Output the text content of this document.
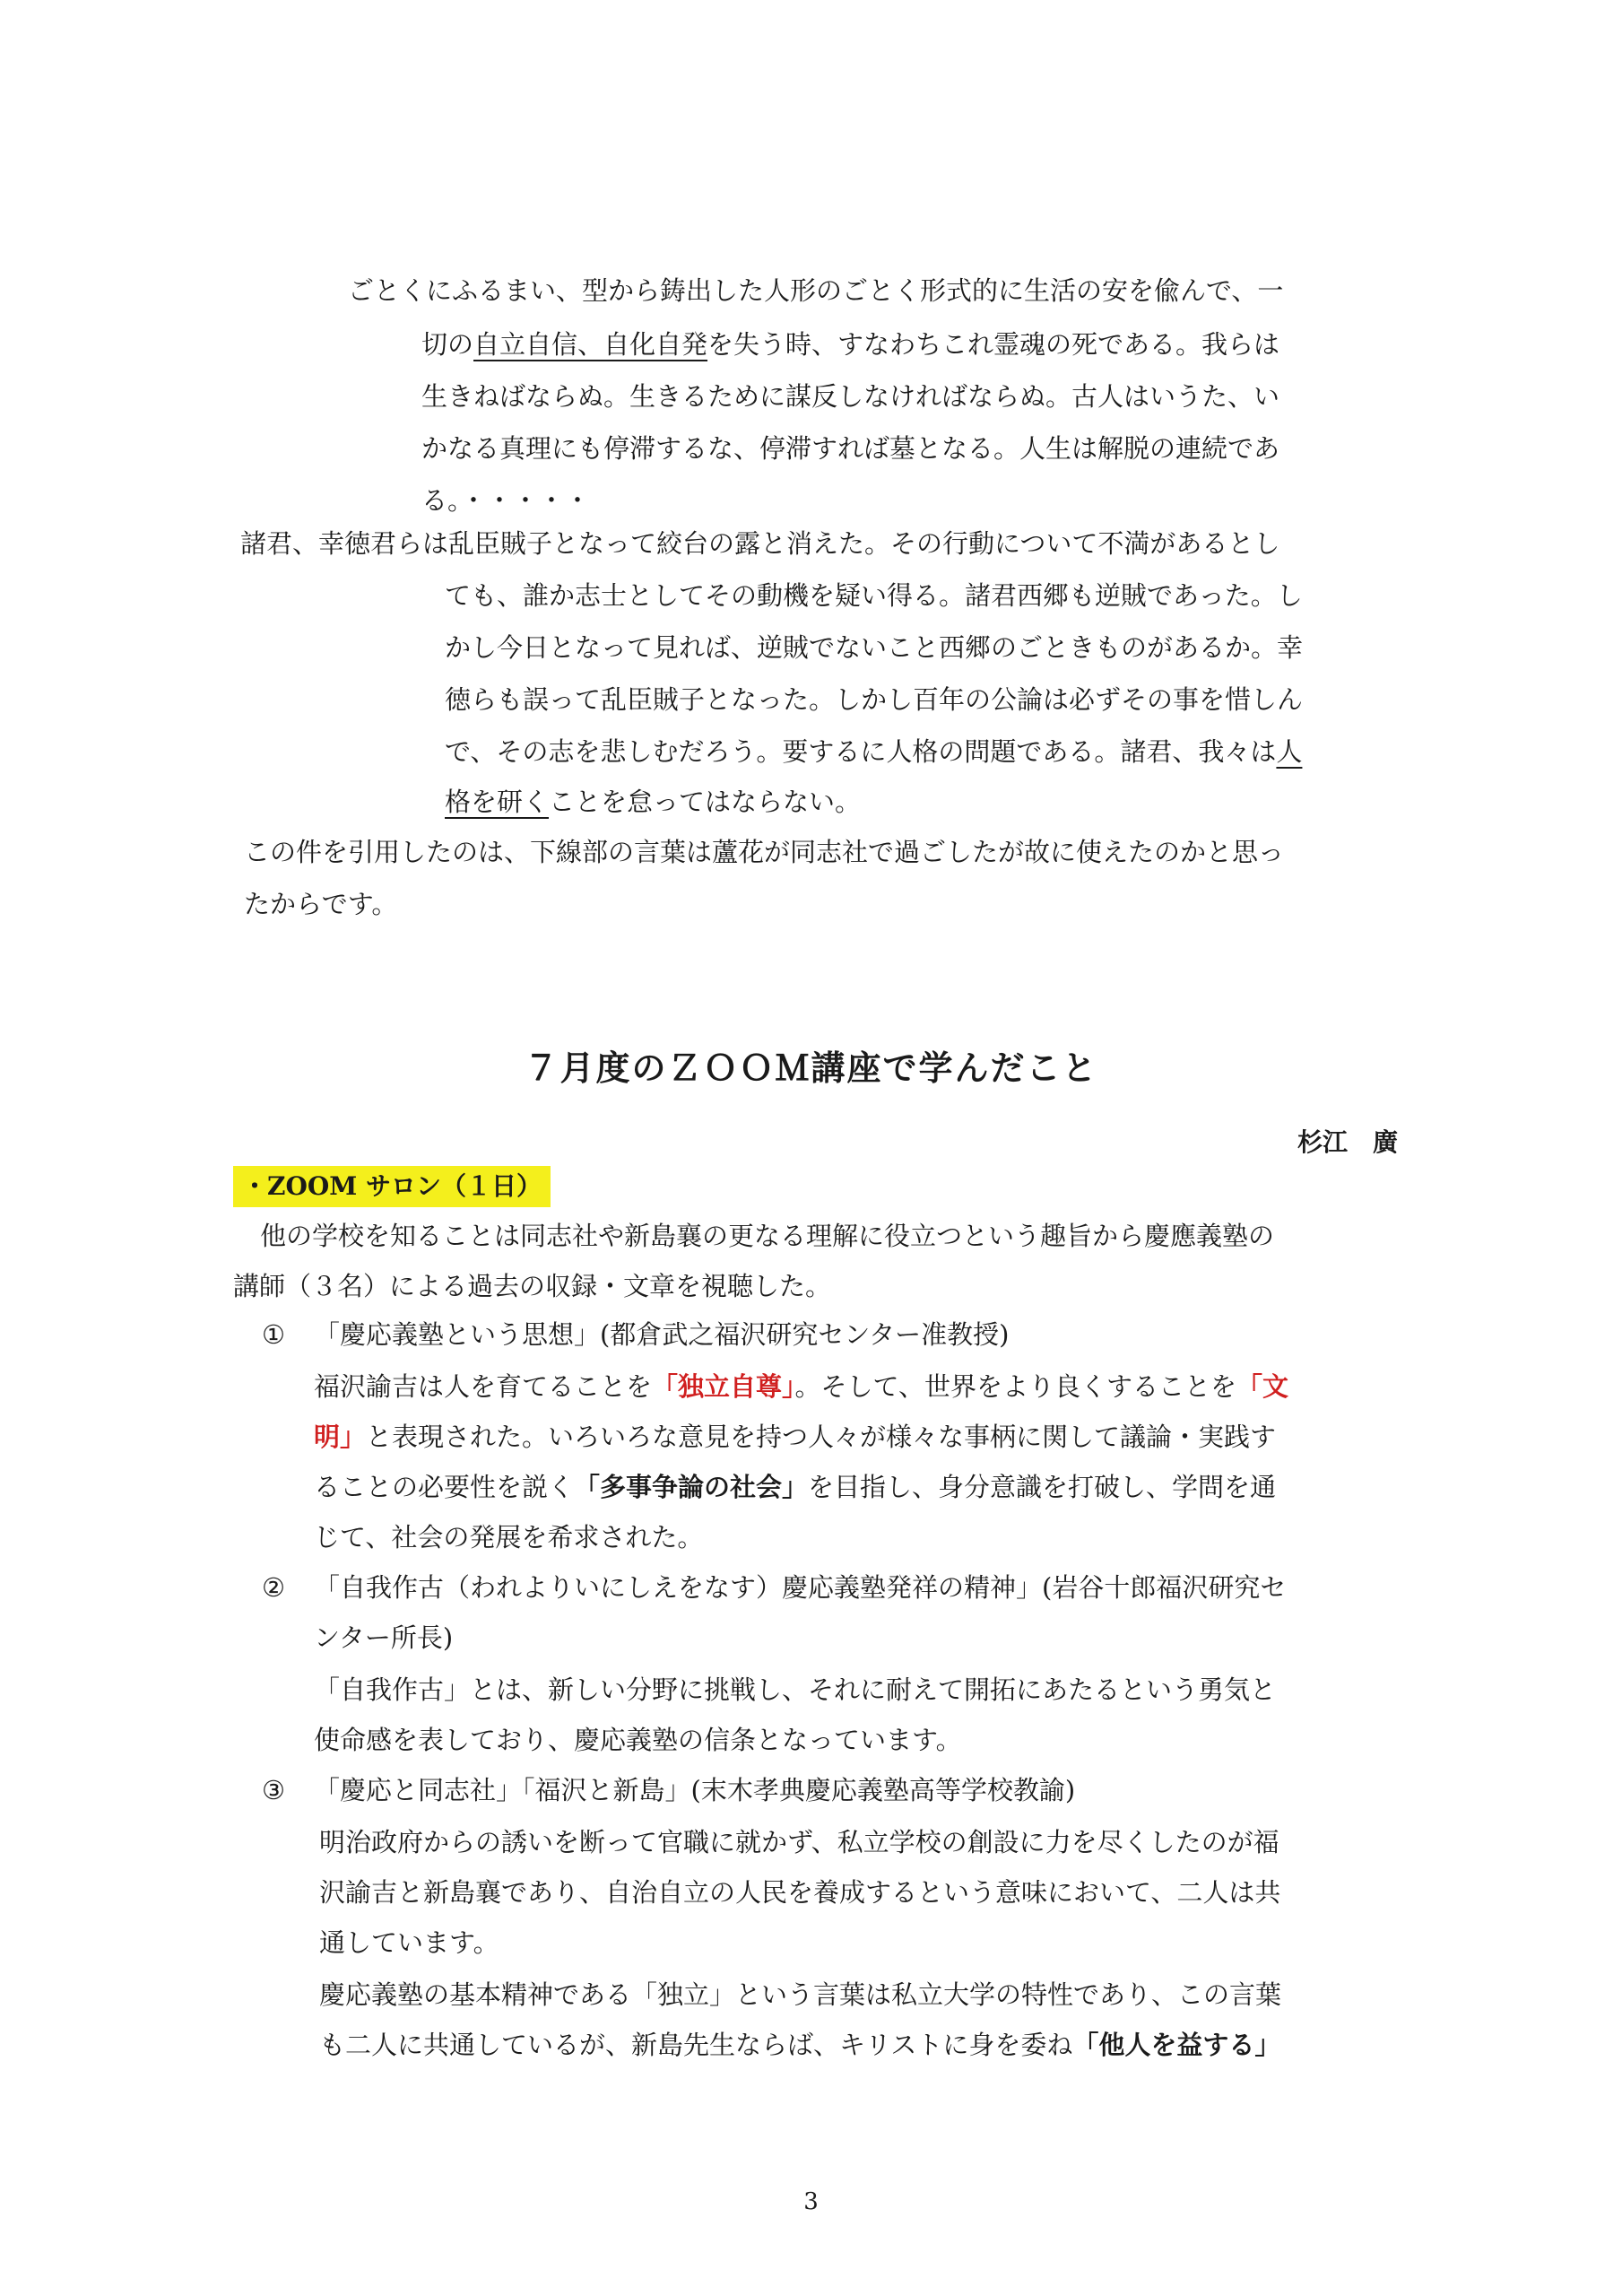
ごとくにふるまい、型から鋳出した人形のごとく形式的に生活の安を偸んで、一
切の自立自信、自化自発を失う時、すなわちこれ霊魂の死である。我らは
生きねばならぬ。生きるために謀反しなければならぬ。古人はいうた、い
かなる真理にも停滞するな、停滞すれば墓となる。人生は解脱の連続であ
る。・・・・・
諸君、幸徳君らは乱臣賊子となって絞台の露と消えた。その行動について不満があるとし
ても、誰か志士としてその動機を疑い得る。諸君西郷も逆賊であった。し
かし今日となって見れば、逆賊でないこと西郷のごときものがあるか。幸
徳らも誤って乱臣賊子となった。しかし百年の公論は必ずその事を惜しん
で、その志を悲しむだろう。要するに人格の問題である。諸君、我々は人
格を研くことを怠ってはならない。
この件を引用したのは、下線部の言葉は蘆花が同志社で過ごしたが故に使えたのかと思っ
たからです。
７月度のＺＯＯＭ講座で学んだこと
杉江　廣
・ZOOM サロン（１日）
他の学校を知ることは同志社や新島襄の更なる理解に役立つという趣旨から慶應義塾の
講師（３名）による過去の収録・文章を視聴した。
① 「慶応義塾という思想」(都倉武之福沢研究センター准教授)
福沢諭吉は人を育てることを「独立自尊」。そして、世界をより良くすることを「文
明」と表現された。いろいろな意見を持つ人々が様々な事柄に関して議論・実践す
ることの必要性を説く「多事争論の社会」を目指し、身分意識を打破し、学問を通
じて、社会の発展を希求された。
② 「自我作古（われよりいにしえをなす）慶応義塾発祥の精神」(岩谷十郎福沢研究セ
ンター所長)
「自我作古」とは、新しい分野に挑戦し、それに耐えて開拓にあたるという勇気と
使命感を表しており、慶応義塾の信条となっています。
③ 「慶応と同志社」「福沢と新島」(末木孝典慶応義塾高等学校教諭)
明治政府からの誘いを断って官職に就かず、私立学校の創設に力を尽くしたのが福
沢諭吉と新島襄であり、自治自立の人民を養成するという意味において、二人は共
通しています。
慶応義塾の基本精神である「独立」という言葉は私立大学の特性であり、この言葉
も二人に共通しているが、新島先生ならば、キリストに身を委ね「他人を益する」
3
